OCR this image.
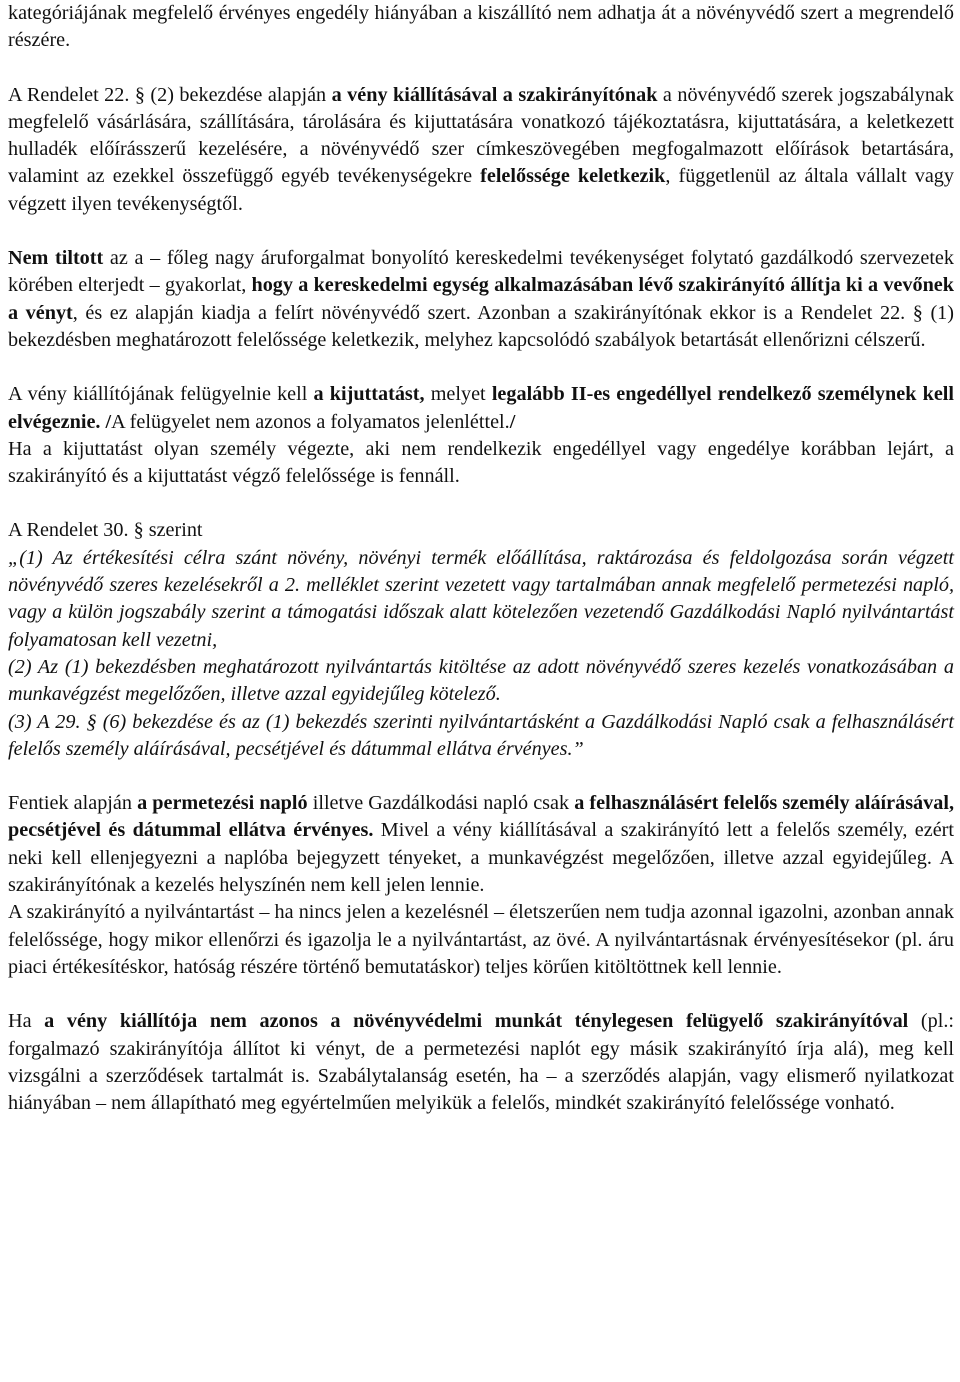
kategóriájának megfelelő érvényes engedély hiányában a kiszállító nem adhatja át a növényvédő szert a megrendelő részére.

A Rendelet 22. § (2) bekezdése alapján a vény kiállításával a szakirányítónak a növényvédő szerek jogszabálynak megfelelő vásárlására, szállítására, tárolására és kijuttatására vonatkozó tájékoztatásra, kijuttatására, a keletkezett hulladék előírásszerű kezelésére, a növényvédő szer címkeszövegében megfogalmazott előírások betartására, valamint az ezekkel összefüggő egyéb tevékenységekre felelőssége keletkezik, függetlenül az általa vállalt vagy végzett ilyen tevékenységtől.

Nem tiltott az a – főleg nagy áruforgalmat bonyolító kereskedelmi tevékenységet folytató gazdálkodó szervezetek körében elterjedt – gyakorlat, hogy a kereskedelmi egység alkalmazásában lévő szakirányító állítja ki a vevőnek a vényt, és ez alapján kiadja a felírt növényvédő szert. Azonban a szakirányítónak ekkor is a Rendelet 22. § (1) bekezdésben meghatározott felelőssége keletkezik, melyhez kapcsolódó szabályok betartását ellenőrizni célszerű.

A vény kiállítójának felügyelnie kell a kijuttatást, melyet legalább II-es engedéllyel rendelkező személynek kell elvégeznie. /A felügyelet nem azonos a folyamatos jelenléttel./

Ha a kijuttatást olyan személy végezte, aki nem rendelkezik engedéllyel vagy engedélye korábban lejárt, a szakirányító és a kijuttatást végző felelőssége is fennáll.

A Rendelet 30. § szerint

„(1) Az értékesítési célra szánt növény, növényi termék előállítása, raktározása és feldolgozása során végzett növényvédő szeres kezelésekről a 2. melléklet szerint vezetett vagy tartalmában annak megfelelő permetezési napló, vagy a külön jogszabály szerint a támogatási időszak alatt kötelezően vezetendő Gazdálkodási Napló nyilvántartást folyamatosan kell vezetni,

(2) Az (1) bekezdésben meghatározott nyilvántartás kitöltése az adott növényvédő szeres kezelés vonatkozásában a munkavégzést megelőzően, illetve azzal egyidejűleg kötelező.

(3) A 29. § (6) bekezdése és az (1) bekezdés szerinti nyilvántartásként a Gazdálkodási Napló csak a felhasználásért felelős személy aláírásával, pecsétjével és dátummal ellátva érvényes.”

Fentiek alapján a permetezési napló illetve Gazdálkodási napló csak a felhasználásért felelős személy aláírásával, pecsétjével és dátummal ellátva érvényes. Mivel a vény kiállításával a szakirányító lett a felelős személy, ezért neki kell ellenjegyezni a naplóba bejegyzett tényeket, a munkavégzést megelőzően, illetve azzal egyidejűleg. A szakirányítónak a kezelés helyszínén nem kell jelen lennie.

A szakirányító a nyilvántartást – ha nincs jelen a kezelésnél – életszerűen nem tudja azonnal igazolni, azonban annak felelőssége, hogy mikor ellenőrzi és igazolja le a nyilvántartást, az övé. A nyilvántartásnak érvényesítésekor (pl. áru piaci értékesítéskor, hatóság részére történő bemutatáskor) teljes körűen kitöltöttnek kell lennie.

Ha a vény kiállítója nem azonos a növényvédelmi munkát ténylegesen felügyelő szakirányítóval (pl.: forgalmazó szakirányítója állítot ki vényt, de a permetezési naplót egy másik szakirányító írja alá), meg kell vizsgálni a szerződések tartalmát is. Szabálytalanság esetén, ha – a szerződés alapján, vagy elismerő nyilatkozat hiányában – nem állapítható meg egyértelműen melyikük a felelős, mindkét szakirányító felelőssége vonható.
